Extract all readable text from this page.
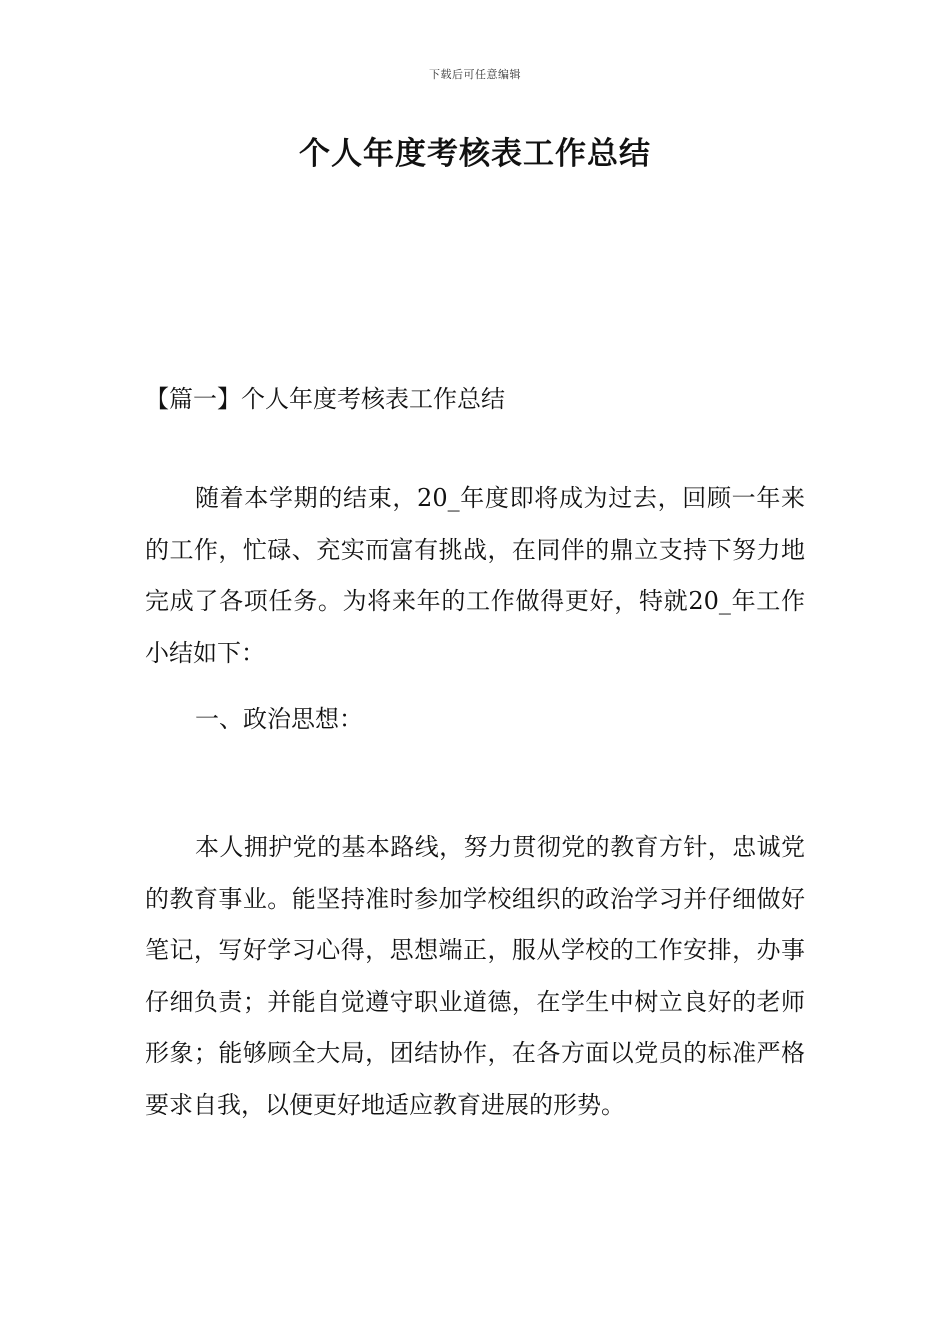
下载后可任意编辑
个人年度考核表工作总结
【篇一】个人年度考核表工作总结

随着本学期的结束，20_年度即将成为过去，回顾一年来的工作，忙碌、充实而富有挑战，在同伴的鼎立支持下努力地完成了各项任务。为将来年的工作做得更好，特就20_年工作小结如下：

一、政治思想：

本人拥护党的基本路线，努力贯彻党的教育方针，忠诚党的教育事业。能坚持准时参加学校组织的政治学习并仔细做好笔记，写好学习心得，思想端正，服从学校的工作安排，办事仔细负责；并能自觉遵守职业道德，在学生中树立良好的老师形象；能够顾全大局，团结协作，在各方面以党员的标准严格要求自我，以便更好地适应教育进展的形势。
